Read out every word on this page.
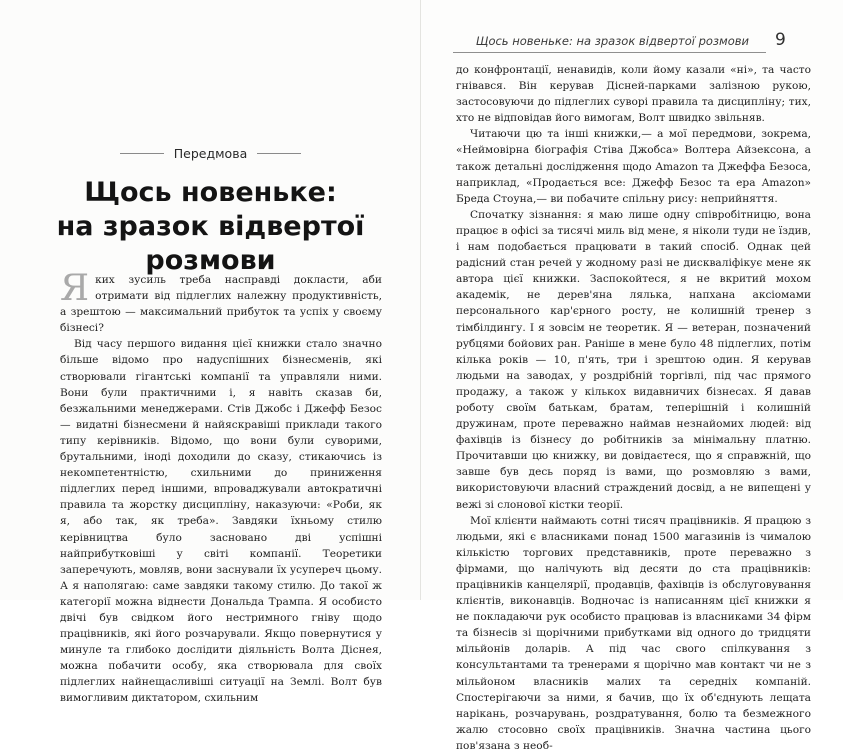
Передмова
Щось новеньке:
на зразок відвертої розмови

Яких зусиль треба насправді докласти, аби отримати від підлеглих належну продуктивність, а зрештою — максимальний прибуток та успіх у своєму бізнесі?

Від часу першого видання цієї книжки стало значно більше відомо про надуспішних бізнесменів, які створювали гігантські компанії та управляли ними. Вони були практичними і, я навіть сказав би, безжальними менеджерами. Стів Джобс і Джефф Безос — видатні бізнесмени й найяскравіші приклади такого типу керівників. Відомо, що вони були суворими, брутальними, іноді доходили до сказу, стикаючись із некомпетентністю, схильними до приниження підлеглих перед іншими, впроваджували автократичні правила та жорстку дисципліну, наказуючи: «Роби, як я, або так, як треба». Завдяки їхньому стилю керівництва було засновано дві успішні найприбутковіші у світі компанії. Теоретики заперечують, мовляв, вони заснували їх усупереч цьому. А я наполягаю: саме завдяки такому стилю. До такої ж категорії можна віднести Дональда Трампа. Я особисто двічі був свідком його нестримного гніву щодо працівників, які його розчарували. Якщо повернутися у минуле та глибоко дослідити діяльність Волта Діснея, можна побачити особу, яка створювала для своїх підлеглих найнещасливіші ситуації на Землі. Волт був вимогливим диктатором, схильним

Щось новеньке: на зразок відвертої розмови	9

до конфронтації, ненавидів, коли йому казали «ні», та часто гнівався. Він керував Дісней-парками залізною рукою, застосовуючи до підлеглих суворі правила та дисципліну; тих, хто не відповідав його вимогам, Волт швидко звільняв.

Читаючи цю та інші книжки,— а мої передмови, зокрема, «Неймовірна біографія Стіва Джобса» Волтера Айзексона, а також детальні дослідження щодо Amazon та Джеффа Безоса, наприклад, «Продається все: Джефф Безос та ера Amazon» Бреда Стоуна,— ви побачите спільну рису: неприйняття.

Спочатку зізнання: я маю лише одну співробітницю, вона працює в офісі за тисячі миль від мене, я ніколи туди не їздив, і нам подобається працювати в такий спосіб. Однак цей радісний стан речей у жодному разі не дискваліфікує мене як автора цієї книжки. Заспокойтеся, я не вкритий мохом академік, не дерев'яна лялька, напхана аксіомами персонального кар'єрного росту, не колишній тренер з тімбілдингу. І я зовсім не теоретик. Я — ветеран, позначений рубцями бойових ран. Раніше в мене було 48 підлеглих, потім кілька років — 10, п'ять, три і зрештою один. Я керував людьми на заводах, у роздрібній торгівлі, під час прямого продажу, а також у кількох видавничих бізнесах. Я давав роботу своїм батькам, братам, теперішній і колишній дружинам, проте переважно наймав незнайомих людей: від фахівців із бізнесу до робітників за мінімальну платню. Прочитавши цю книжку, ви довідаєтеся, що я справжній, що завше був десь поряд із вами, що розмовляю з вами, використовуючи власний страждений досвід, а не випещені у вежі зі слонової кістки теорії.

Мої клієнти наймають сотні тисяч працівників. Я працюю з людьми, які є власниками понад 1500 магазинів із чималою кількістю торгових представників, проте переважно з фірмами, що налічують від десяти до ста працівників: працівників канцелярії, продавців, фахівців із обслуговування клієнтів, виконавців. Водночас із написанням цієї книжки я не покладаючи рук особисто працював із власниками 34 фірм та бізнесів зі щорічними прибутками від одного до тридцяти мільйонів доларів. А під час свого спілкування з консультантами та тренерами я щорічно мав контакт чи не з мільйоном власників малих та середніх компаній. Спостерігаючи за ними, я бачив, що їх об'єднують лещата нарікань, розчарувань, роздратування, болю та безмежного жалю стосовно своїх працівників. Значна частина цього пов'язана з необ-
